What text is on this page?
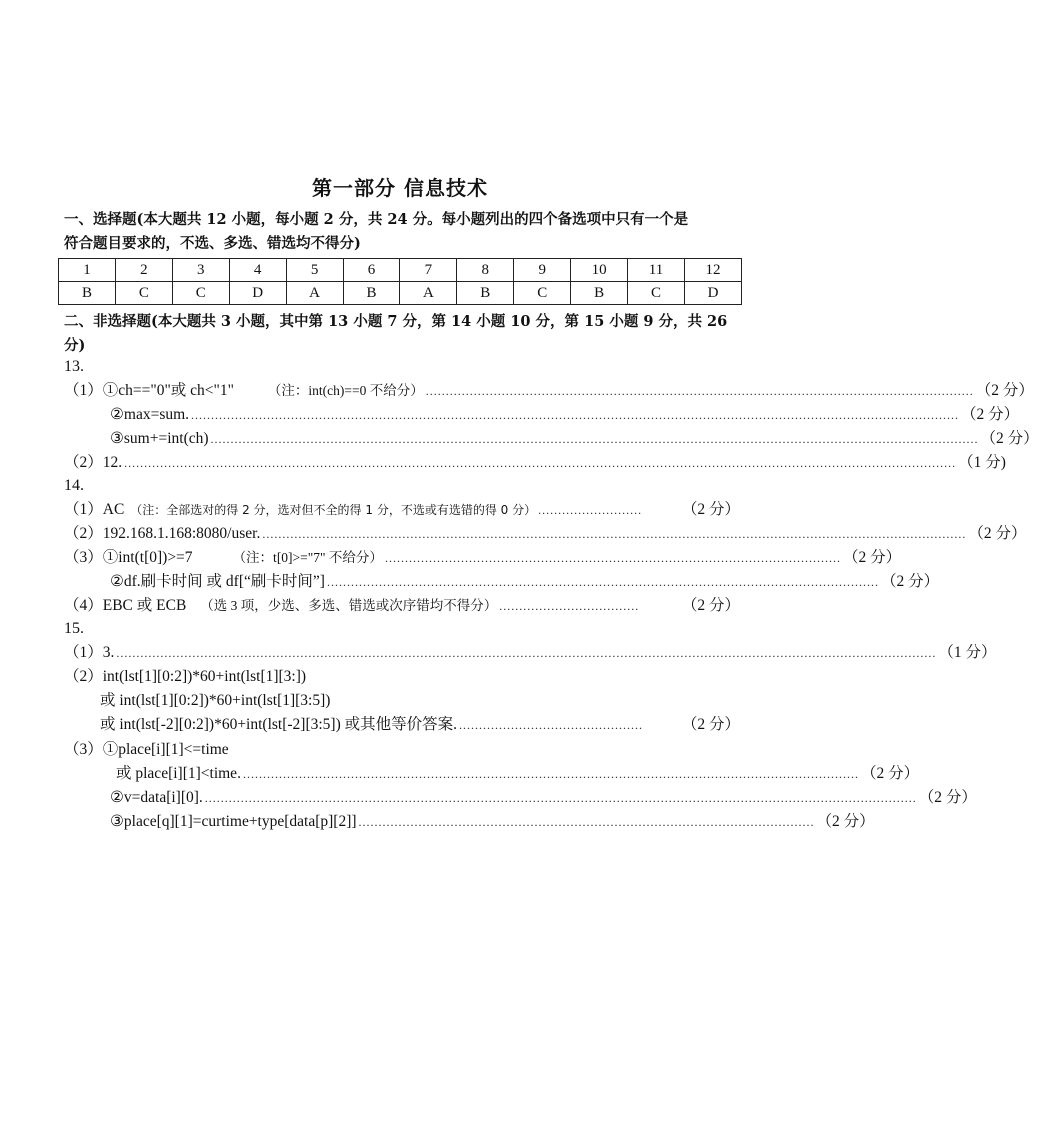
第一部分 信息技术
一、选择题(本大题共 12 小题，每小题 2 分，共 24 分。每小题列出的四个备选项中只有一个是
符合题目要求的，不选、多选、错选均不得分)
1	2	3	4	5	6	7	8	9	10	11	12
B	C	C	D	A	B	A	B	C	B	C	D
二、非选择题(本大题共 3 小题，其中第 13 小题 7 分，第 14 小题 10 分，第 15 小题 9 分，共 26
分)
13.
（1）①ch=="0"或 ch<"1"	（注：int(ch)==0 不给分） ......................................................................................................................................... （2 分）
②max=sum. ................................................................................................................................................................................................ （2 分）
③sum+=int(ch) ................................................................................................................................................................................................ （2 分）
（2）12. ................................................................................................................................................................................................................ （1 分)
14.
（1）AC （注：全部选对的得 2 分，选对但不全的得 1 分，不选或有选错的得 0 分） ..........................	（2 分）
（2）192.168.1.168:8080/user. ................................................................................................................................................................................ （2 分）
（3）①int(t[0])>=7	（注：t[0]>="7" 不给分） .................................................................................................................. （2 分）
②df.刷卡时间 或 df[“刷卡时间”] .......................................................................................................................................... （2 分）
（4）EBC 或 ECB （选 3 项，少选、多选、错选或次序错均不得分） ...................................	（2 分）
15.
（1）3. ............................................................................................................................................................................................................. （1 分）
（2）int(lst[1][0:2])*60+int(lst[1][3:])
或 int(lst[1][0:2])*60+int(lst[1][3:5])
或 int(lst[-2][0:2])*60+int(lst[-2][3:5]) 或其他等价答案. ..............................................	（2 分）
（3）①place[i][1]<=time
或 place[i][1]<time. .......................................................................................................................................................... （2 分）
②v=data[i][0]. .................................................................................................................................................................................. （2 分）
③place[q][1]=curtime+type[data[p][2]] .................................................................................................................. （2 分）
